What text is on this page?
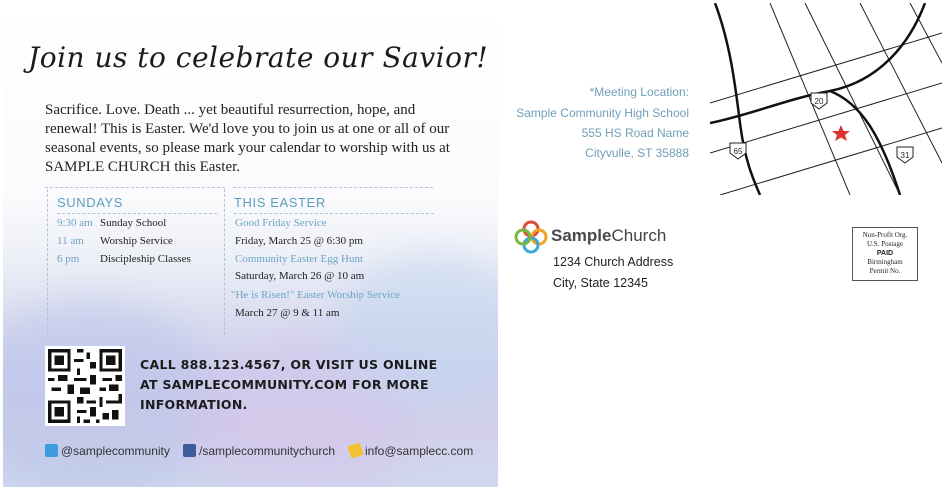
Join us to celebrate our Savior!
Sacrifice. Love. Death ... yet beautiful resurrection, hope, and renewal! This is Easter. We'd love you to join us at one or all of our seasonal events, so please mark your calendar to worship with us at SAMPLE CHURCH this Easter.
SUNDAYS
9:30 am Sunday School
11 am Worship Service
6 pm Discipleship Classes
THIS EASTER
Good Friday Service
Friday, March 25 @ 6:30 pm
Community Easter Egg Hunt
Saturday, March 26 @ 10 am
"He is Risen!" Easter Worship Service
March 27 @ 9 & 11 am
CALL 888.123.4567, OR VISIT US ONLINE AT SAMPLECOMMUNITY.COM FOR MORE INFORMATION.
@samplecommunity	/samplecommunitychurch	info@samplecc.com
*Meeting Location:
Sample Community High School
555 HS Road Name
Cityvulle, ST 35888
20
65	31
SampleChurch
1234 Church Address
City, State 12345
Non-Profit Org.
U.S. Postage
PAID
Birmingham
Permit No.
